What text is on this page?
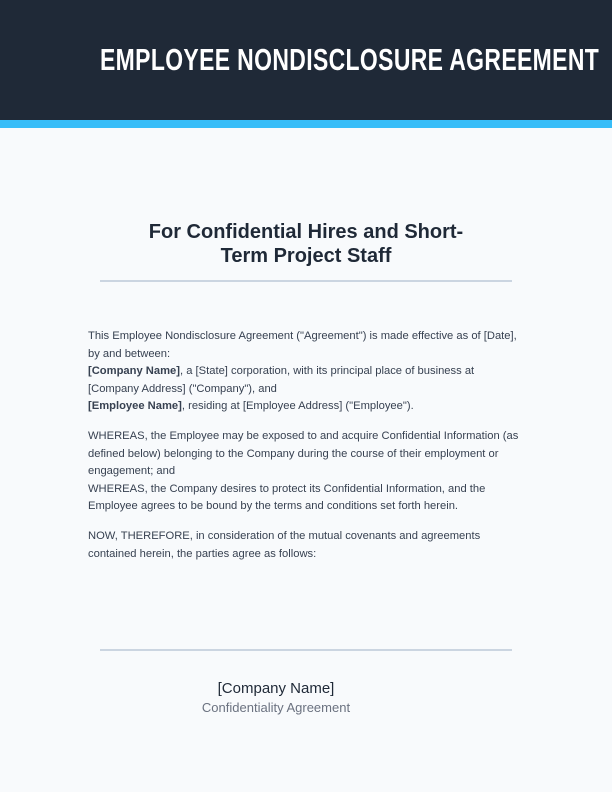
EMPLOYEE NONDISCLOSURE AGREEMENT
For Confidential Hires and Short-
Term Project Staff

This Employee Nondisclosure Agreement ("Agreement") is made effective as of [Date], by and between:
[Company Name], a [State] corporation, with its principal place of business at [Company Address] ("Company"), and
[Employee Name], residing at [Employee Address] ("Employee").

WHEREAS, the Employee may be exposed to and acquire Confidential Information (as defined below) belonging to the Company during the course of their employment or engagement; and
WHEREAS, the Company desires to protect its Confidential Information, and the Employee agrees to be bound by the terms and conditions set forth herein.

NOW, THEREFORE, in consideration of the mutual covenants and agreements contained herein, the parties agree as follows:

[Company Name]
Confidentiality Agreement
